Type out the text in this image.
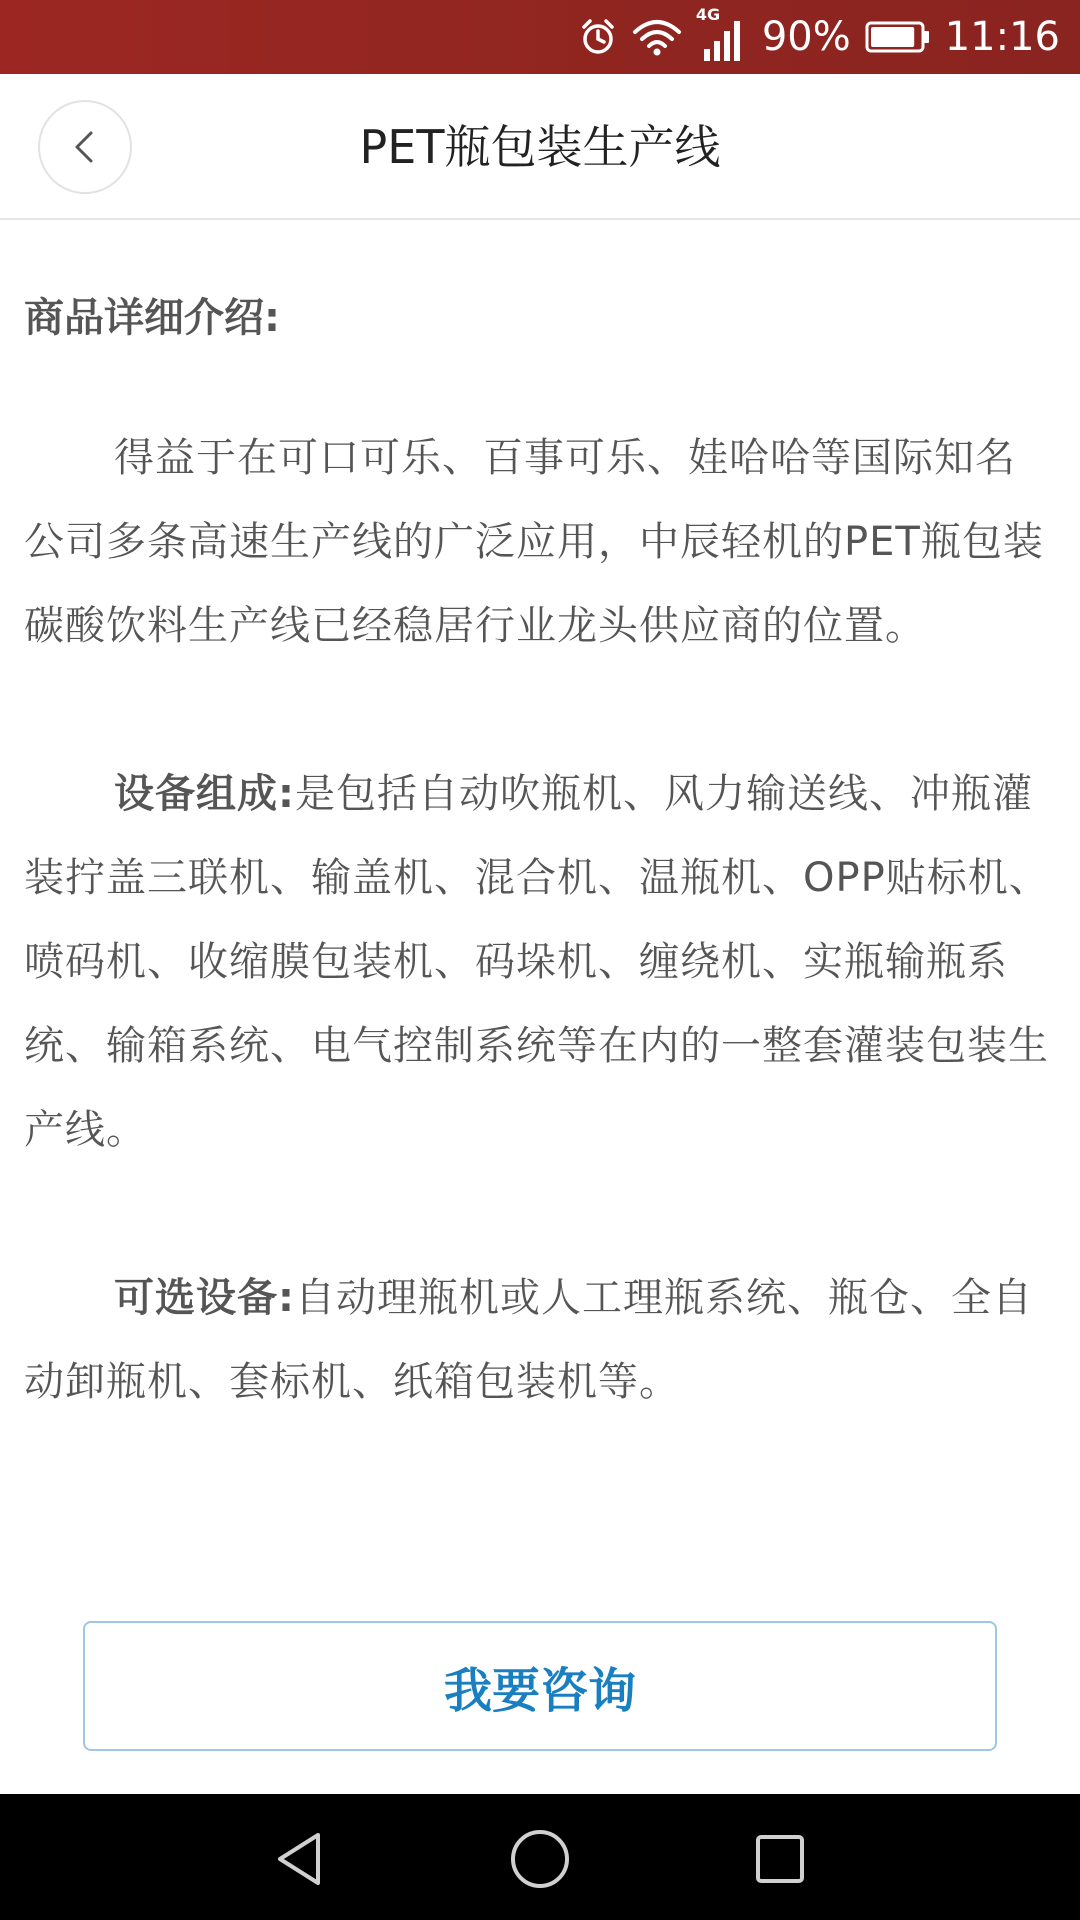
4G 90% 11:16
PET瓶包装生产线
商品详细介绍:

得益于在可口可乐、百事可乐、娃哈哈等国际知名公司多条高速生产线的广泛应用，中辰轻机的PET瓶包装碳酸饮料生产线已经稳居行业龙头供应商的位置。

设备组成:是包括自动吹瓶机、风力输送线、冲瓶灌装拧盖三联机、输盖机、混合机、温瓶机、OPP贴标机、喷码机、收缩膜包装机、码垛机、缠绕机、实瓶输瓶系统、输箱系统、电气控制系统等在内的一整套灌装包装生产线。

可选设备:自动理瓶机或人工理瓶系统、瓶仓、全自动卸瓶机、套标机、纸箱包装机等。

我要咨询
